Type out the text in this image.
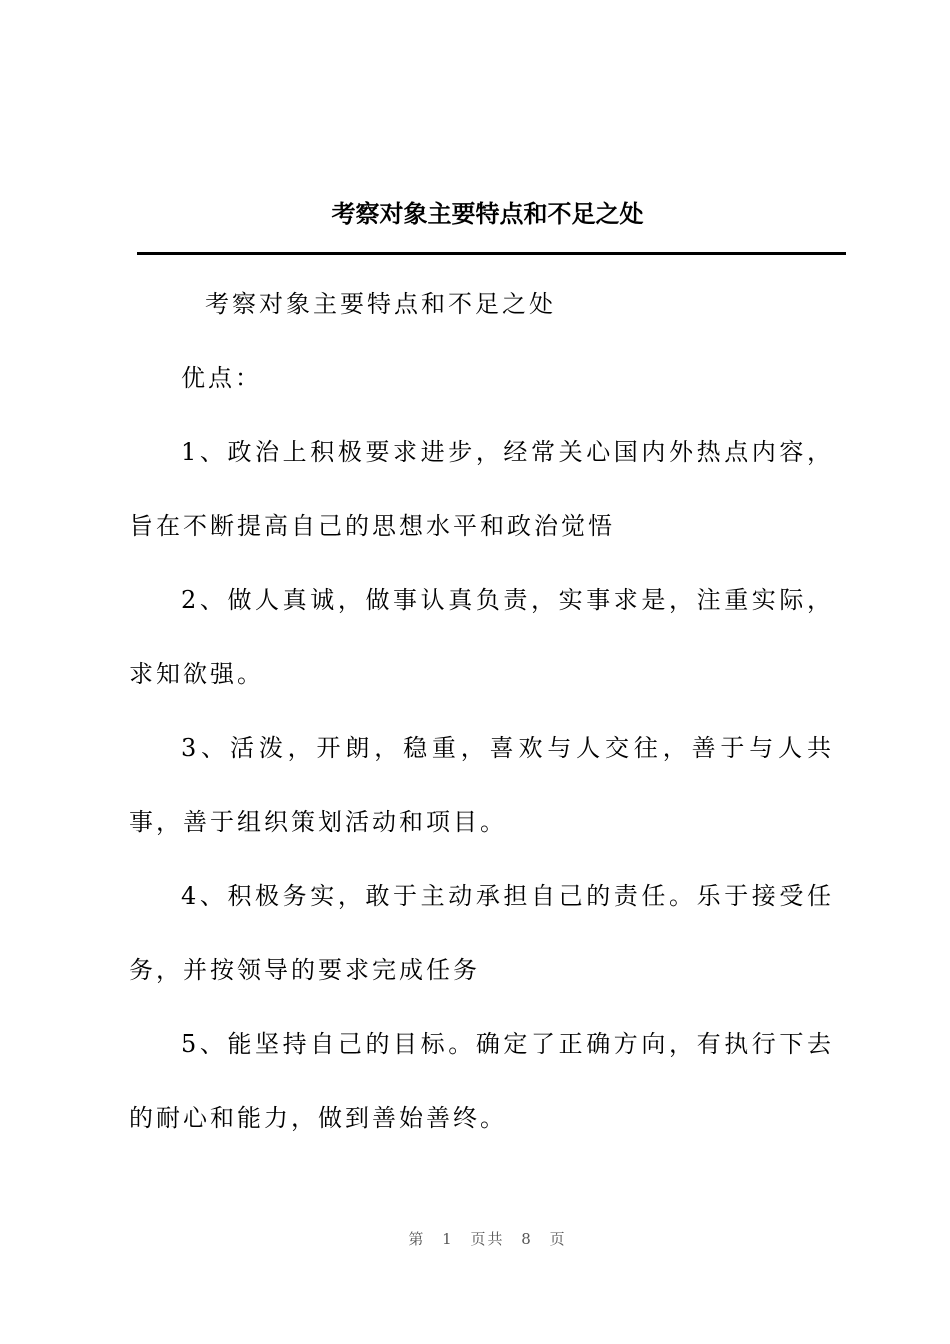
考察对象主要特点和不足之处

考察对象主要特点和不足之处

优点：

1、政治上积极要求进步，经常关心国内外热点内容，旨在不断提高自己的思想水平和政治觉悟

2、做人真诚，做事认真负责，实事求是，注重实际，求知欲强。

3、活泼，开朗，稳重，喜欢与人交往，善于与人共事，善于组织策划活动和项目。

4、积极务实，敢于主动承担自己的责任。乐于接受任务，并按领导的要求完成任务

5、能坚持自己的目标。确定了正确方向，有执行下去的耐心和能力，做到善始善终。

第 1 页共 8 页
